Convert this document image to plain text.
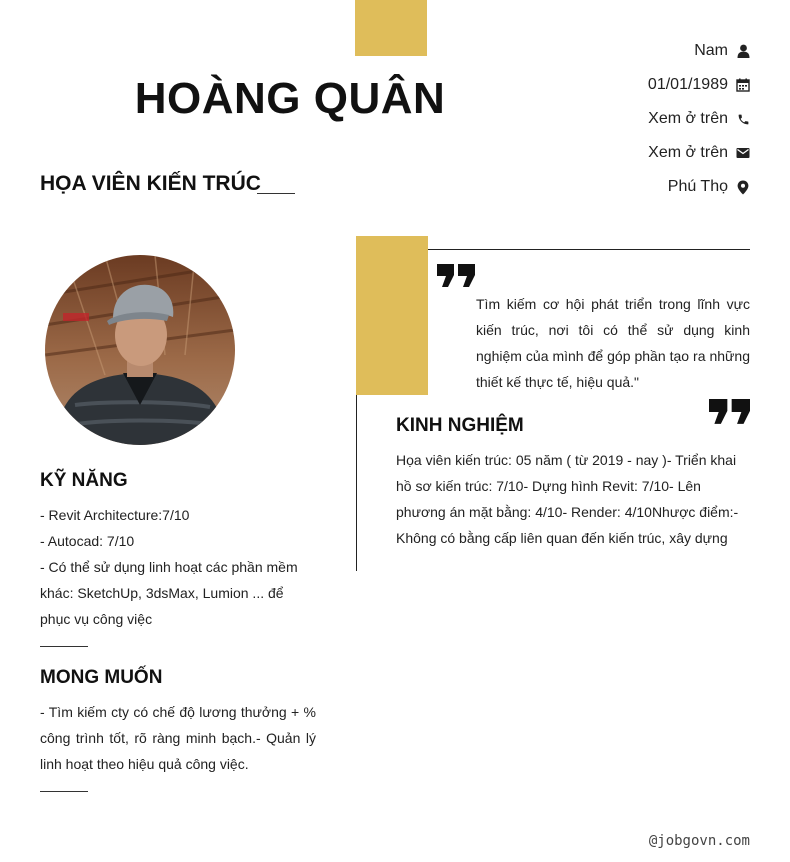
HOÀNG QUÂN
HỌA VIÊN KIẾN TRÚC
Nam
01/01/1989
Xem ở trên
Xem ở trên
Phú Thọ
KỸ NĂNG
- Revit Architecture:7/10
- Autocad: 7/10
- Có thể sử dụng linh hoạt các phần mềm khác: SketchUp, 3dsMax, Lumion ... để phục vụ công việc
MONG MUỐN
- Tìm kiếm cty có chế độ lương thưởng + % công trình tốt, rõ ràng minh bạch.- Quản lý linh hoạt theo hiệu quả công việc.
Tìm kiếm cơ hội phát triển trong lĩnh vực kiến trúc, nơi tôi có thể sử dụng kinh nghiệm của mình để góp phần tạo ra những thiết kế thực tế, hiệu quả."
KINH NGHIỆM
Họa viên kiến trúc: 05 năm ( từ 2019 - nay )- Triển khai hồ sơ kiến trúc: 7/10- Dựng hình Revit: 7/10- Lên phương án mặt bằng: 4/10- Render: 4/10Nhược điểm:- Không có bằng cấp liên quan đến kiến trúc, xây dựng
@jobgovn.com
